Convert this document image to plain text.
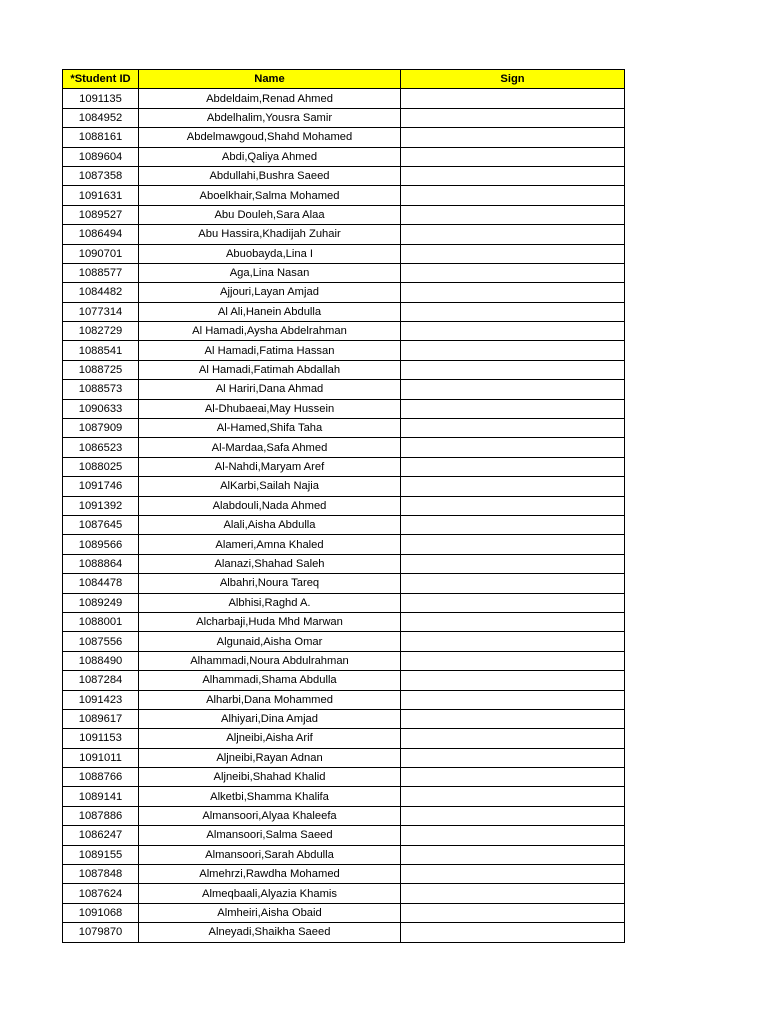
*Student ID	Name	Sign
1091135	Abdeldaim,Renad Ahmed	
1084952	Abdelhalim,Yousra Samir	
1088161	Abdelmawgoud,Shahd Mohamed	
1089604	Abdi,Qaliya Ahmed	
1087358	Abdullahi,Bushra Saeed	
1091631	Aboelkhair,Salma Mohamed	
1089527	Abu Douleh,Sara Alaa	
1086494	Abu Hassira,Khadijah Zuhair	
1090701	Abuobayda,Lina I	
1088577	Aga,Lina Nasan	
1084482	Ajjouri,Layan Amjad	
1077314	Al Ali,Hanein Abdulla	
1082729	Al Hamadi,Aysha Abdelrahman	
1088541	Al Hamadi,Fatima Hassan	
1088725	Al Hamadi,Fatimah Abdallah	
1088573	Al Hariri,Dana Ahmad	
1090633	Al-Dhubaeai,May Hussein	
1087909	Al-Hamed,Shifa Taha	
1086523	Al-Mardaa,Safa Ahmed	
1088025	Al-Nahdi,Maryam Aref	
1091746	AlKarbi,Sailah Najia	
1091392	Alabdouli,Nada Ahmed	
1087645	Alali,Aisha Abdulla	
1089566	Alameri,Amna Khaled	
1088864	Alanazi,Shahad Saleh	
1084478	Albahri,Noura Tareq	
1089249	Albhisi,Raghd A.	
1088001	Alcharbaji,Huda Mhd Marwan	
1087556	Algunaid,Aisha Omar	
1088490	Alhammadi,Noura Abdulrahman	
1087284	Alhammadi,Shama Abdulla	
1091423	Alharbi,Dana Mohammed	
1089617	Alhiyari,Dina Amjad	
1091153	Aljneibi,Aisha Arif	
1091011	Aljneibi,Rayan Adnan	
1088766	Aljneibi,Shahad Khalid	
1089141	Alketbi,Shamma Khalifa	
1087886	Almansoori,Alyaa Khaleefa	
1086247	Almansoori,Salma Saeed	
1089155	Almansoori,Sarah Abdulla	
1087848	Almehrzi,Rawdha Mohamed	
1087624	Almeqbaali,Alyazia Khamis	
1091068	Almheiri,Aisha Obaid	
1079870	Alneyadi,Shaikha Saeed	
